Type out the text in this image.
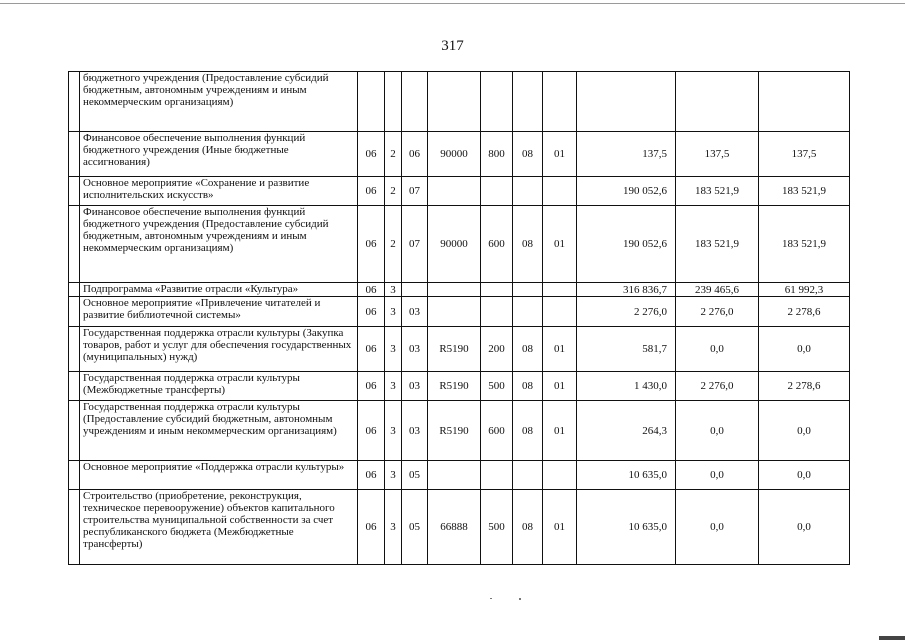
317
	бюджетного учреждения (Предоставление субсидий бюджетным, автономным учреждениям и иным некоммерческим организациям)										
	Финансовое обеспечение выполнения функций бюджетного учреждения (Иные бюджетные ассигнования)	06	2	06	90000	800	08	01	137,5	137,5	137,5
	Основное мероприятие «Сохранение и развитие исполнительских искусств»	06	2	07					190 052,6	183 521,9	183 521,9
	Финансовое обеспечение выполнения функций бюджетного учреждения (Предоставление субсидий бюджетным, автономным учреждениям и иным некоммерческим организациям)	06	2	07	90000	600	08	01	190 052,6	183 521,9	183 521,9
	Подпрограмма «Развитие отрасли «Культура»	06	3						316 836,7	239 465,6	61 992,3
	Основное мероприятие «Привлечение читателей и развитие библиотечной системы»	06	3	03					2 276,0	2 276,0	2 278,6
	Государственная поддержка отрасли культуры (Закупка товаров, работ и услуг для обеспечения государственных (муниципальных) нужд)	06	3	03	R5190	200	08	01	581,7	0,0	0,0
	Государственная поддержка отрасли культуры (Межбюджетные трансферты)	06	3	03	R5190	500	08	01	1 430,0	2 276,0	2 278,6
	Государственная поддержка отрасли культуры (Предоставление субсидий бюджетным, автономным учреждениям и иным некоммерческим организациям)	06	3	03	R5190	600	08	01	264,3	0,0	0,0
	Основное мероприятие «Поддержка отрасли культуры»	06	3	05					10 635,0	0,0	0,0
	Строительство (приобретение, реконструкция, техническое перевооружение) объектов капитального строительства муниципальной собственности за счет республиканского бюджета (Межбюджетные трансферты)	06	3	05	66888	500	08	01	10 635,0	0,0	0,0
